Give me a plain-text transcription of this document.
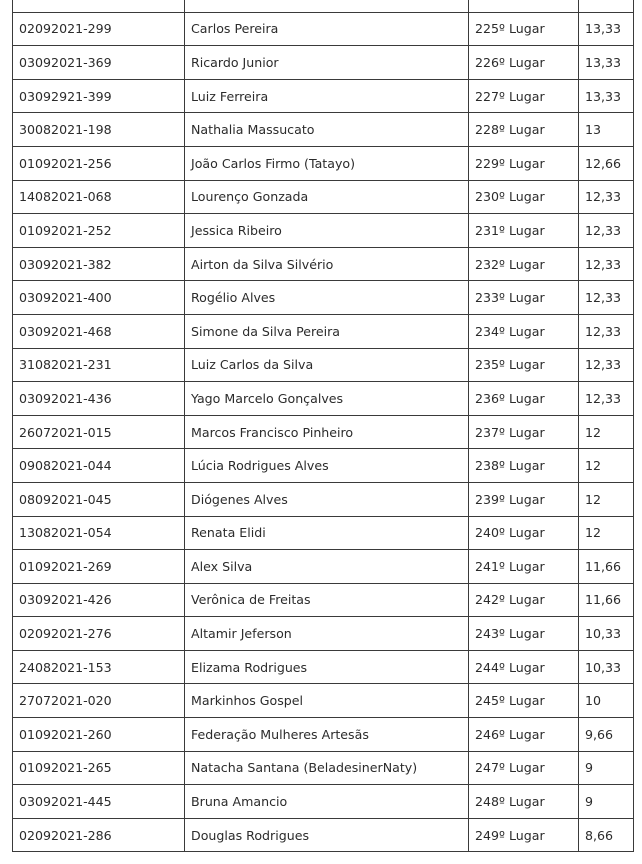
02092021-299	Carlos Pereira	225º Lugar	13,33
03092021-369	Ricardo Junior	226º Lugar	13,33
03092921-399	Luiz Ferreira	227º Lugar	13,33
30082021-198	Nathalia Massucato	228º Lugar	13
01092021-256	João Carlos Firmo (Tatayo)	229º Lugar	12,66
14082021-068	Lourenço Gonzada	230º Lugar	12,33
01092021-252	Jessica Ribeiro	231º Lugar	12,33
03092021-382	Airton da Silva Silvério	232º Lugar	12,33
03092021-400	Rogélio Alves	233º Lugar	12,33
03092021-468	Simone da Silva Pereira	234º Lugar	12,33
31082021-231	Luiz Carlos da Silva	235º Lugar	12,33
03092021-436	Yago Marcelo Gonçalves	236º Lugar	12,33
26072021-015	Marcos Francisco Pinheiro	237º Lugar	12
09082021-044	Lúcia Rodrigues Alves	238º Lugar	12
08092021-045	Diógenes Alves	239º Lugar	12
13082021-054	Renata Elidi	240º Lugar	12
01092021-269	Alex Silva	241º Lugar	11,66
03092021-426	Verônica de Freitas	242º Lugar	11,66
02092021-276	Altamir Jeferson	243º Lugar	10,33
24082021-153	Elizama Rodrigues	244º Lugar	10,33
27072021-020	Markinhos Gospel	245º Lugar	10
01092021-260	Federação Mulheres Artesãs	246º Lugar	9,66
01092021-265	Natacha Santana (BeladesinerNaty)	247º Lugar	9
03092021-445	Bruna Amancio	248º Lugar	9
02092021-286	Douglas Rodrigues	249º Lugar	8,66
